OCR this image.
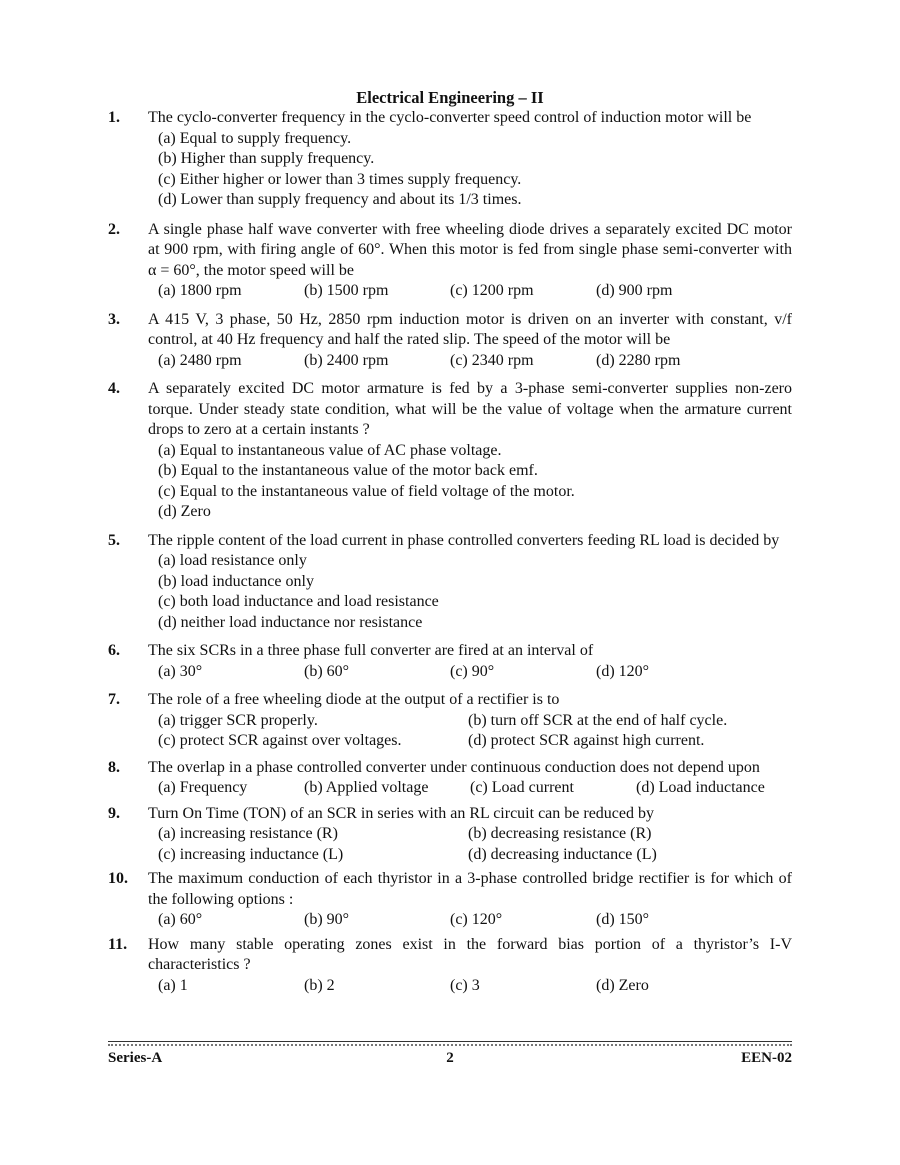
Electrical Engineering – II
1. The cyclo-converter frequency in the cyclo-converter speed control of induction motor will be
(a) Equal to supply frequency.
(b) Higher than supply frequency.
(c) Either higher or lower than 3 times supply frequency.
(d) Lower than supply frequency and about its 1/3 times.
2. A single phase half wave converter with free wheeling diode drives a separately excited DC motor at 900 rpm, with firing angle of 60°. When this motor is fed from single phase semi-converter with α = 60°, the motor speed will be
(a) 1800 rpm	(b) 1500 rpm	(c) 1200 rpm	(d) 900 rpm
3. A 415 V, 3 phase, 50 Hz, 2850 rpm induction motor is driven on an inverter with constant, v/f control, at 40 Hz frequency and half the rated slip. The speed of the motor will be
(a) 2480 rpm	(b) 2400 rpm	(c) 2340 rpm	(d) 2280 rpm
4. A separately excited DC motor armature is fed by a 3-phase semi-converter supplies non-zero torque. Under steady state condition, what will be the value of voltage when the armature current drops to zero at a certain instants ?
(a) Equal to instantaneous value of AC phase voltage.
(b) Equal to the instantaneous value of the motor back emf.
(c) Equal to the instantaneous value of field voltage of the motor.
(d) Zero
5. The ripple content of the load current in phase controlled converters feeding RL load is decided by
(a) load resistance only
(b) load inductance only
(c) both load inductance and load resistance
(d) neither load inductance nor resistance
6. The six SCRs in a three phase full converter are fired at an interval of
(a) 30°	(b) 60°	(c) 90°	(d) 120°
7. The role of a free wheeling diode at the output of a rectifier is to
(a) trigger SCR properly.	(b) turn off SCR at the end of half cycle.
(c) protect SCR against over voltages.	(d) protect SCR against high current.
8. The overlap in a phase controlled converter under continuous conduction does not depend upon
(a) Frequency	(b) Applied voltage	(c) Load current	(d) Load inductance
9. Turn On Time (TON) of an SCR in series with an RL circuit can be reduced by
(a) increasing resistance (R)	(b) decreasing resistance (R)
(c) increasing inductance (L)	(d) decreasing inductance (L)
10. The maximum conduction of each thyristor in a 3-phase controlled bridge rectifier is for which of the following options :
(a) 60°	(b) 90°	(c) 120°	(d) 150°
11. How many stable operating zones exist in the forward bias portion of a thyristor’s I-V characteristics ?
(a) 1	(b) 2	(c) 3	(d) Zero
Series-A	2	EEN-02
